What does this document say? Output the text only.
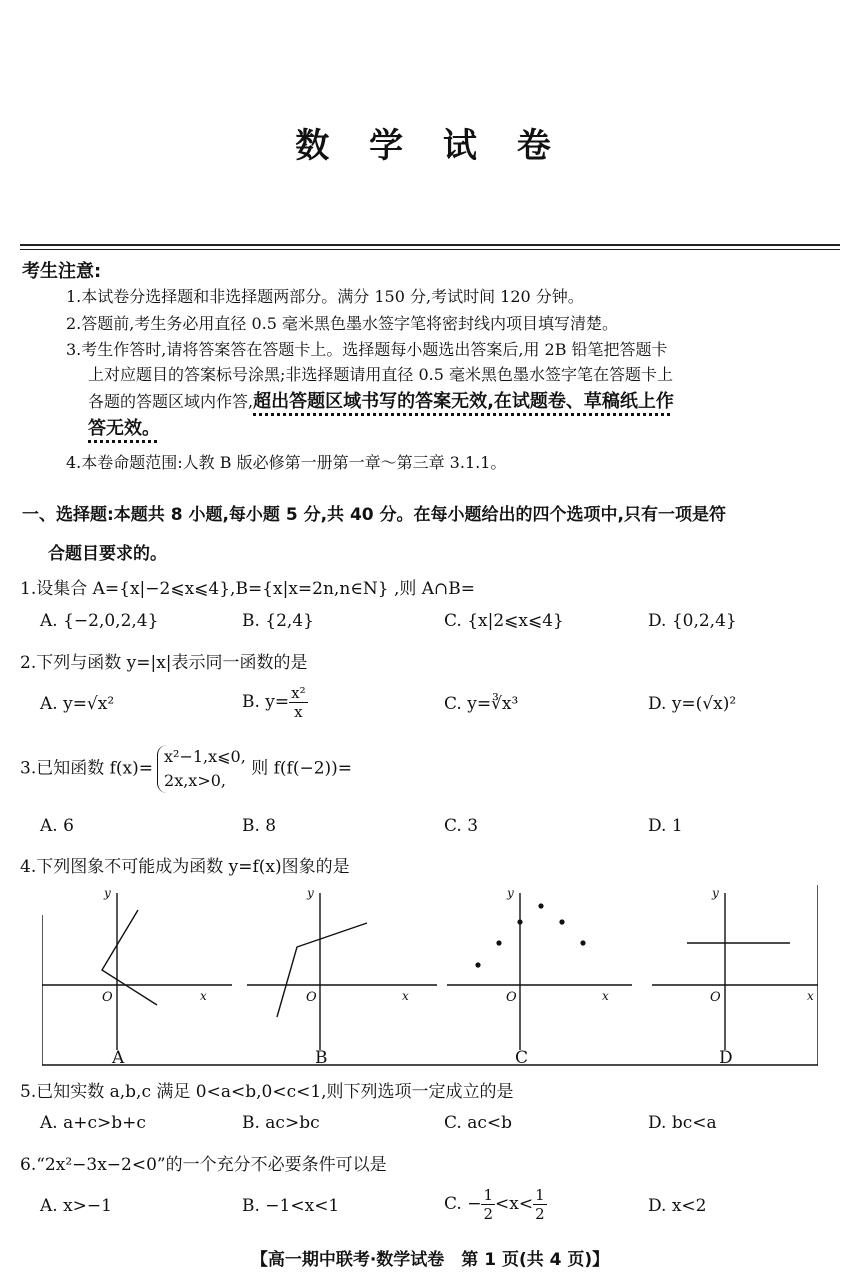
数 学 试 卷
考生注意:
1.本试卷分选择题和非选择题两部分。满分 150 分,考试时间 120 分钟。
2.答题前,考生务必用直径 0.5 毫米黑色墨水签字笔将密封线内项目填写清楚。
3.考生作答时,请将答案答在答题卡上。选择题每小题选出答案后,用 2B 铅笔把答题卡
上对应题目的答案标号涂黑;非选择题请用直径 0.5 毫米黑色墨水签字笔在答题卡上
各题的答题区域内作答,超出答题区域书写的答案无效,在试题卷、草稿纸上作
答无效。
4.本卷命题范围:人教 B 版必修第一册第一章～第三章 3.1.1。
一、选择题:本题共 8 小题,每小题 5 分,共 40 分。在每小题给出的四个选项中,只有一项是符
合题目要求的。
1.设集合 A={x|−2⩽x⩽4},B={x|x=2n,n∈N} ,则 A∩B=
A. {−2,0,2,4}	B. {2,4}	C. {x|2⩽x⩽4}	D. {0,2,4}
2.下列与函数 y=|x|表示同一函数的是
A. y=√x²	B. $y= \frac{\text{x²}}{x}$	C. y=∛x³	D. y=(√x)²
3.已知函数 f(x)=
x²−1,x⩽0,
2x,x>0,
则 f(f(−2))=
A. 6	B. 8	C. 3	D. 1
4.下列图象不可能成为函数 y=f(x)图象的是
y
x
y
x
y
x
y
x
O	O	O	O
A	B	C	D
5.已知实数 a,b,c 满足 0<a<b,0<c<1,则下列选项一定成立的是
A. a+c>b+c	B. ac>bc	C. ac<b	D. bc<a
6.“2x²−3x−2<0”的一个充分不必要条件可以是
A. x>−1	B. −1<x<1	C. − $\frac{1}{2} <x< \frac{1}{2}$	D. x<2
【高一期中联考·数学试卷　第 1 页(共 4 页)】
